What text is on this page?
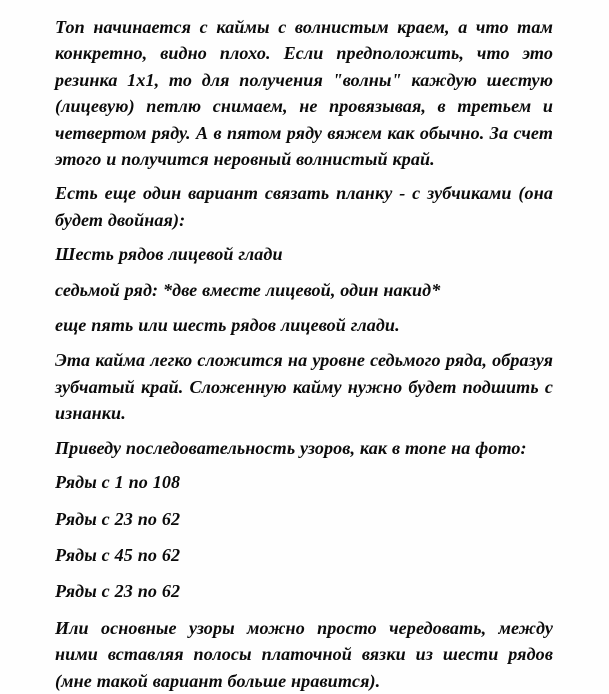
Топ начинается с каймы с волнистым краем, а что там конкретно, видно плохо. Если предположить, что это резинка 1х1, то для получения "волны" каждую шестую (лицевую) петлю снимаем, не провязывая, в третьем и четвертом ряду. А в пятом ряду вяжем как обычно. За счет этого и получится неровный волнистый край.

Есть еще один вариант связать планку - с зубчиками (она будет двойная):

Шесть рядов лицевой глади

седьмой ряд: *две вместе лицевой, один накид*

еще пять или шесть рядов лицевой глади.

Эта кайма легко сложится на уровне седьмого ряда, образуя зубчатый край. Сложенную кайму нужно будет подшить с изнанки.

Приведу последовательность узоров, как в топе на фото:

Ряды с 1 по 108

Ряды с 23 по 62

Ряды с 45 по 62

Ряды с 23 по 62

Или основные узоры можно просто чередовать, между ними вставляя полосы платочной вязки из шести рядов (мне такой вариант больше нравится).
